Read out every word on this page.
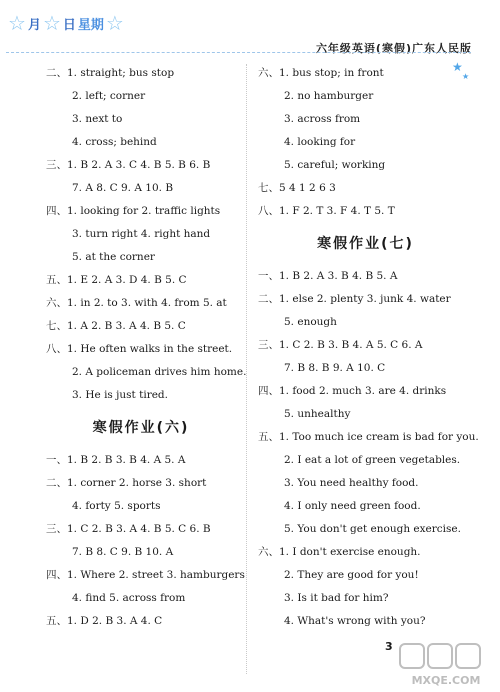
☆ 月 ☆ 日 星期 ☆
六年级英语(寒假)广东人民版
★
★
二、1. straight; bus stop
2. left; corner
3. next to
4. cross; behind
三、1. B 2. A 3. C 4. B 5. B 6. B
7. A 8. C 9. A 10. B
四、1. looking for 2. traffic lights
3. turn right 4. right hand
5. at the corner
五、1. E 2. A 3. D 4. B 5. C
六、1. in 2. to 3. with 4. from 5. at
七、1. A 2. B 3. A 4. B 5. C
八、1. He often walks in the street.
2. A policeman drives him home.
3. He is just tired.
寒假作业(六)
一、1. B 2. B 3. B 4. A 5. A
二、1. corner 2. horse 3. short
4. forty 5. sports
三、1. C 2. B 3. A 4. B 5. C 6. B
7. B 8. C 9. B 10. A
四、1. Where 2. street 3. hamburgers
4. find 5. across from
五、1. D 2. B 3. A 4. C
六、1. bus stop; in front
2. no hamburger
3. across from
4. looking for
5. careful; working
七、5 4 1 2 6 3
八、1. F 2. T 3. F 4. T 5. T
寒假作业(七)
一、1. B 2. A 3. B 4. B 5. A
二、1. else 2. plenty 3. junk 4. water
5. enough
三、1. C 2. B 3. B 4. A 5. C 6. A
7. B 8. B 9. A 10. C
四、1. food 2. much 3. are 4. drinks
5. unhealthy
五、1. Too much ice cream is bad for you.
2. I eat a lot of green vegetables.
3. You need healthy food.
4. I only need green food.
5. You don't get enough exercise.
六、1. I don't exercise enough.
2. They are good for you!
3. Is it bad for him?
4. What's wrong with you?
3
MXQE.COM
